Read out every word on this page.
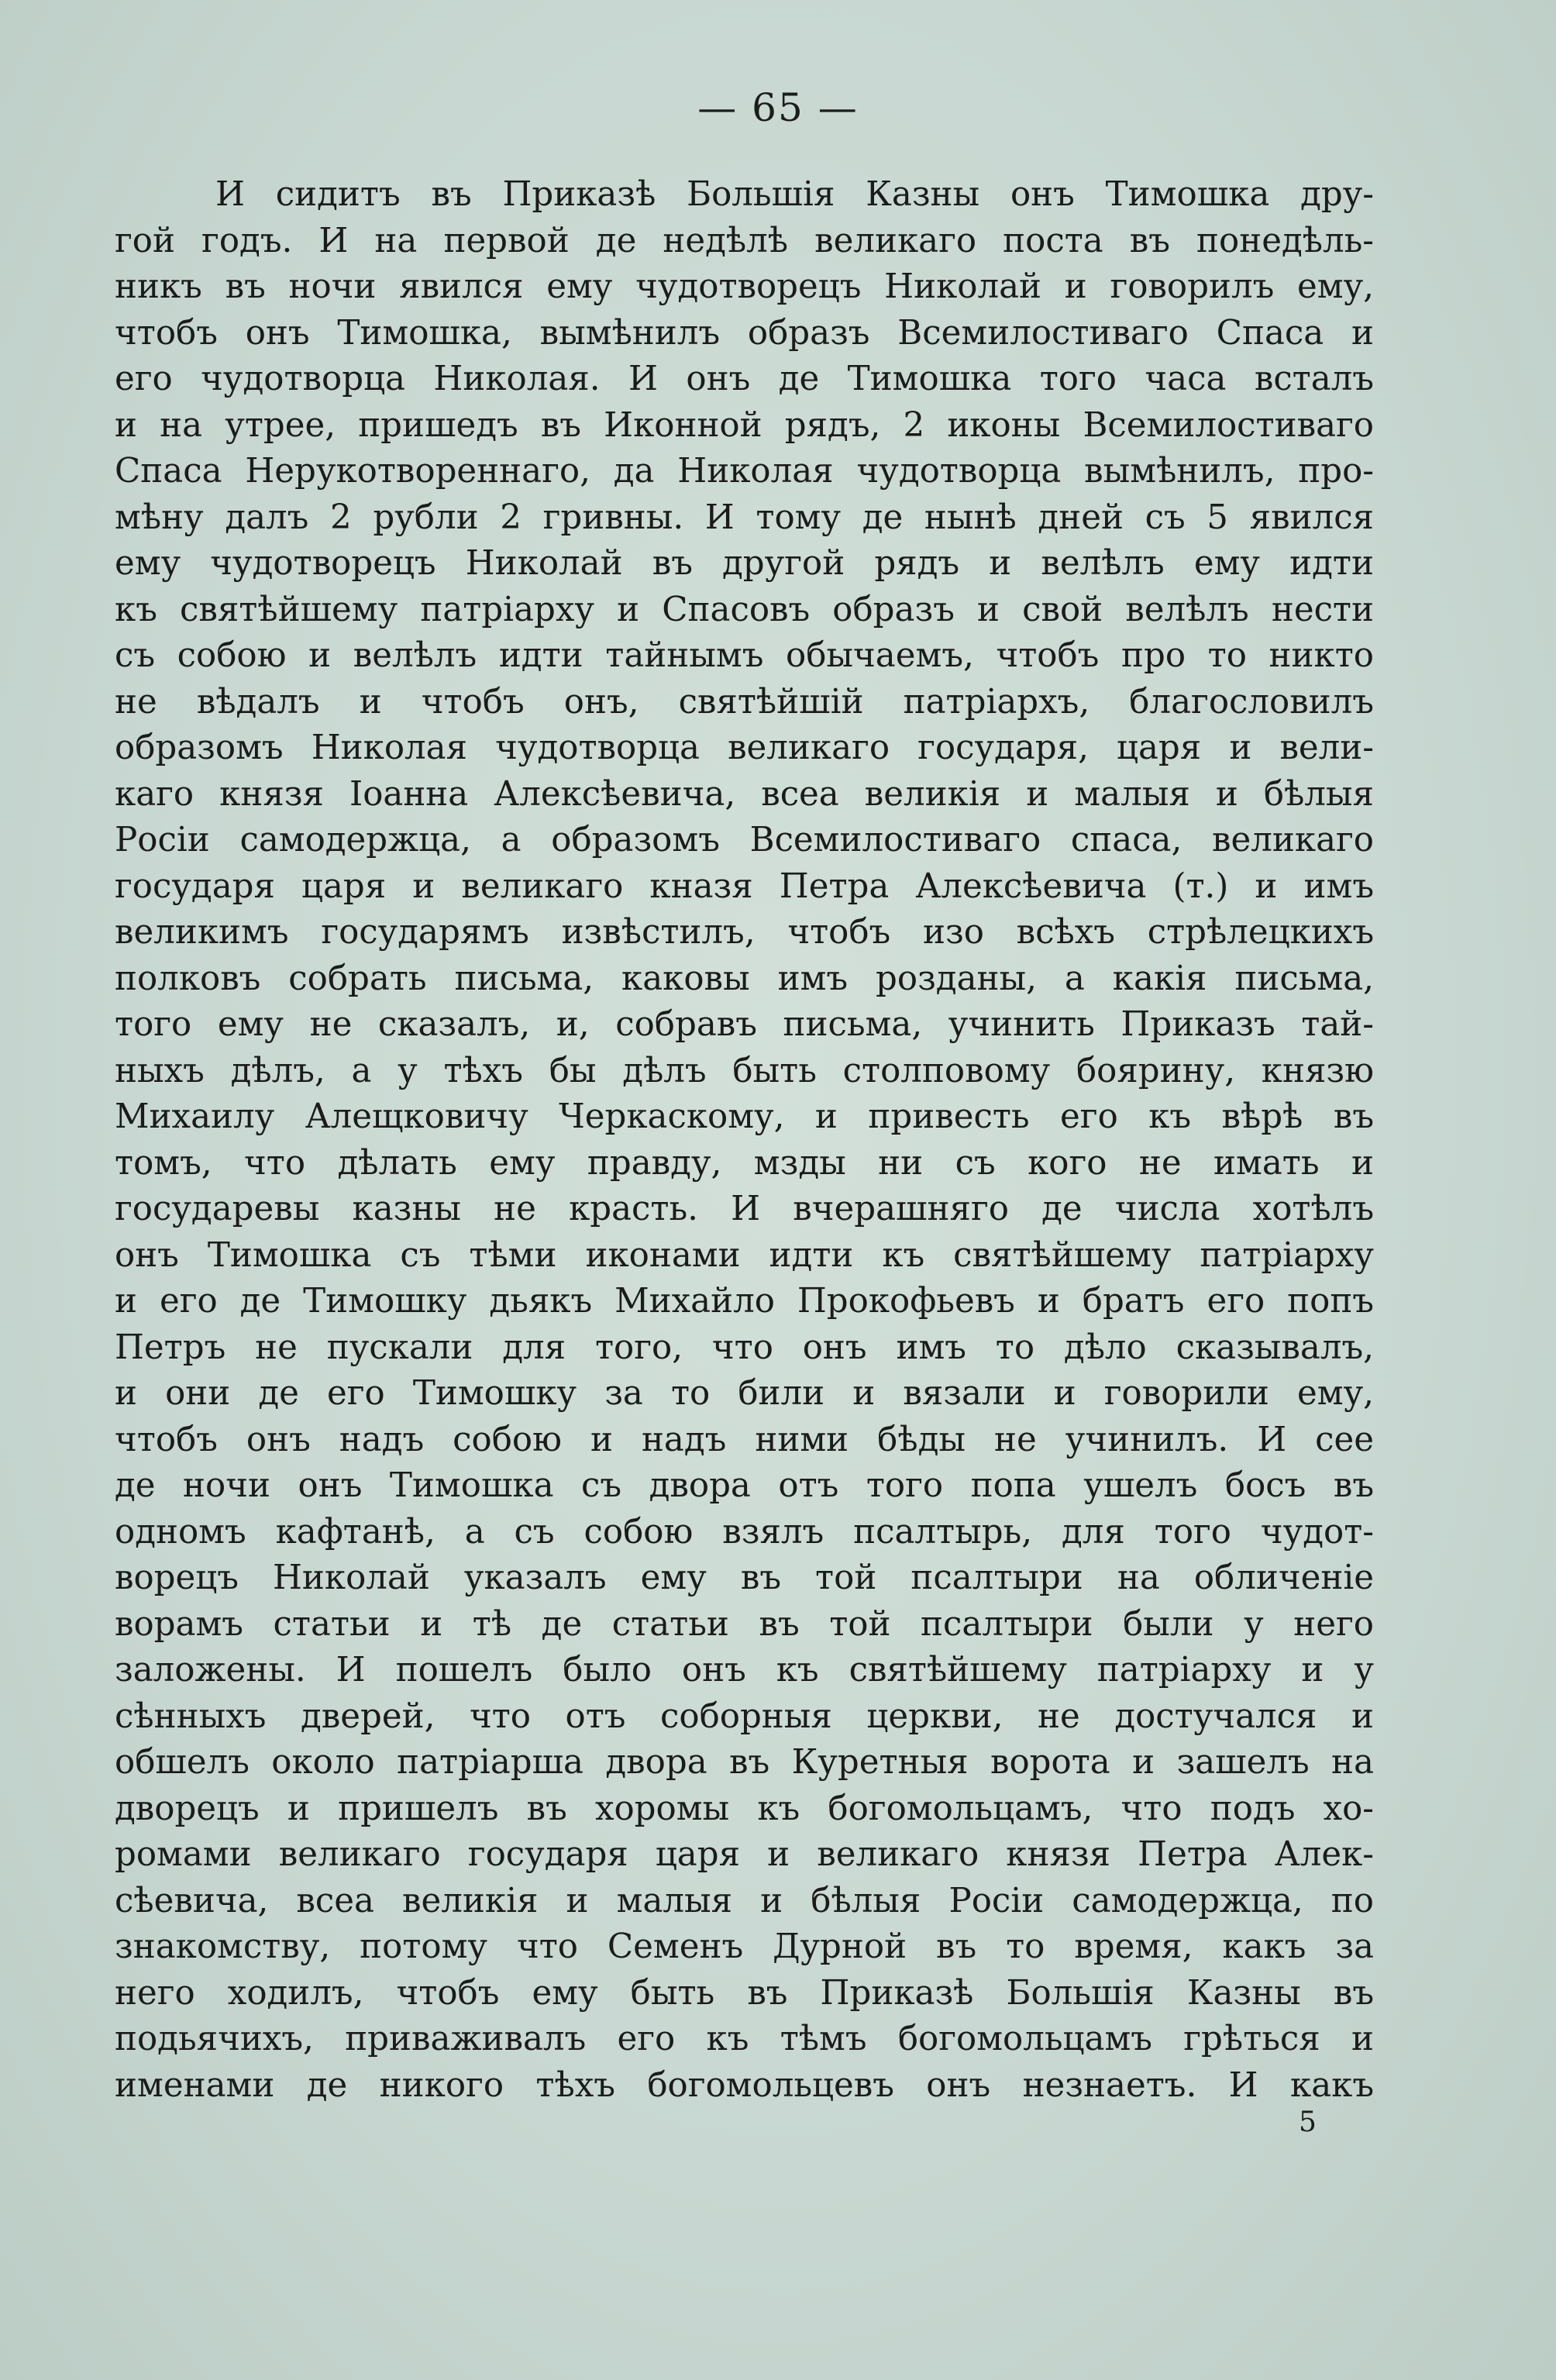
— 65 —
И сидитъ въ Приказѣ Большія Казны онъ Тимошка дру-
гой годъ. И на первой де недѣлѣ великаго поста въ понедѣль-
никъ въ ночи явился ему чудотворецъ Николай и говорилъ ему,
чтобъ онъ Тимошка, вымѣнилъ образъ Всемилостиваго Спаса и
его чудотворца Николая. И онъ де Тимошка того часа всталъ
и на утрее, пришедъ въ Иконной рядъ, 2 иконы Всемилостиваго
Спаса Нерукотвореннаго, да Николая чудотворца вымѣнилъ, про-
мѣну далъ 2 рубли 2 гривны. И тому де нынѣ дней съ 5 явился
ему чудотворецъ Николай въ другой рядъ и велѣлъ ему идти
къ святѣйшему патріарху и Спасовъ образъ и свой велѣлъ нести
съ собою и велѣлъ идти тайнымъ обычаемъ, чтобъ про то никто
не вѣдалъ и чтобъ онъ, святѣйшій патріархъ, благословилъ
образомъ Николая чудотворца великаго государя, царя и вели-
каго князя Іоанна Алексѣевича, всеа великія и малыя и бѣлыя
Росіи самодержца, а образомъ Всемилостиваго спаса, великаго
государя царя и великаго кназя Петра Алексѣевича (т.) и имъ
великимъ государямъ извѣстилъ, чтобъ изо всѣхъ стрѣлецкихъ
полковъ собрать письма, каковы имъ розданы, а какія письма,
того ему не сказалъ, и, собравъ письма, учинить Приказъ тай-
ныхъ дѣлъ, а у тѣхъ бы дѣлъ быть столповому боярину, князю
Михаилу Алещковичу Черкаскому, и привесть его къ вѣрѣ въ
томъ, что дѣлать ему правду, мзды ни съ кого не имать и
государевы казны не красть. И вчерашняго де числа хотѣлъ
онъ Тимошка съ тѣми иконами идти къ святѣйшему патріарху
и его де Тимошку дьякъ Михайло Прокофьевъ и братъ его попъ
Петръ не пускали для того, что онъ имъ то дѣло сказывалъ,
и они де его Тимошку за то били и вязали и говорили ему,
чтобъ онъ надъ собою и надъ ними бѣды не учинилъ. И сее
де ночи онъ Тимошка съ двора отъ того попа ушелъ босъ въ
одномъ кафтанѣ, а съ собою взялъ псалтырь, для того чудот-
ворецъ Николай указалъ ему въ той псалтыри на обличеніе
ворамъ статьи и тѣ де статьи въ той псалтыри были у него
заложены. И пошелъ было онъ къ святѣйшему патріарху и у
сѣнныхъ дверей, что отъ соборныя церкви, не достучался и
обшелъ около патріарша двора въ Куретныя ворота и зашелъ на
дворецъ и пришелъ въ хоромы къ богомольцамъ, что подъ хо-
ромами великаго государя царя и великаго князя Петра Алек-
сѣевича, всеа великія и малыя и бѣлыя Росіи самодержца, по
знакомству, потому что Семенъ Дурной въ то время, какъ за
него ходилъ, чтобъ ему быть въ Приказѣ Большія Казны въ
подьячихъ, приваживалъ его къ тѣмъ богомольцамъ грѣться и
именами де никого тѣхъ богомольцевъ онъ незнаетъ. И какъ
5
